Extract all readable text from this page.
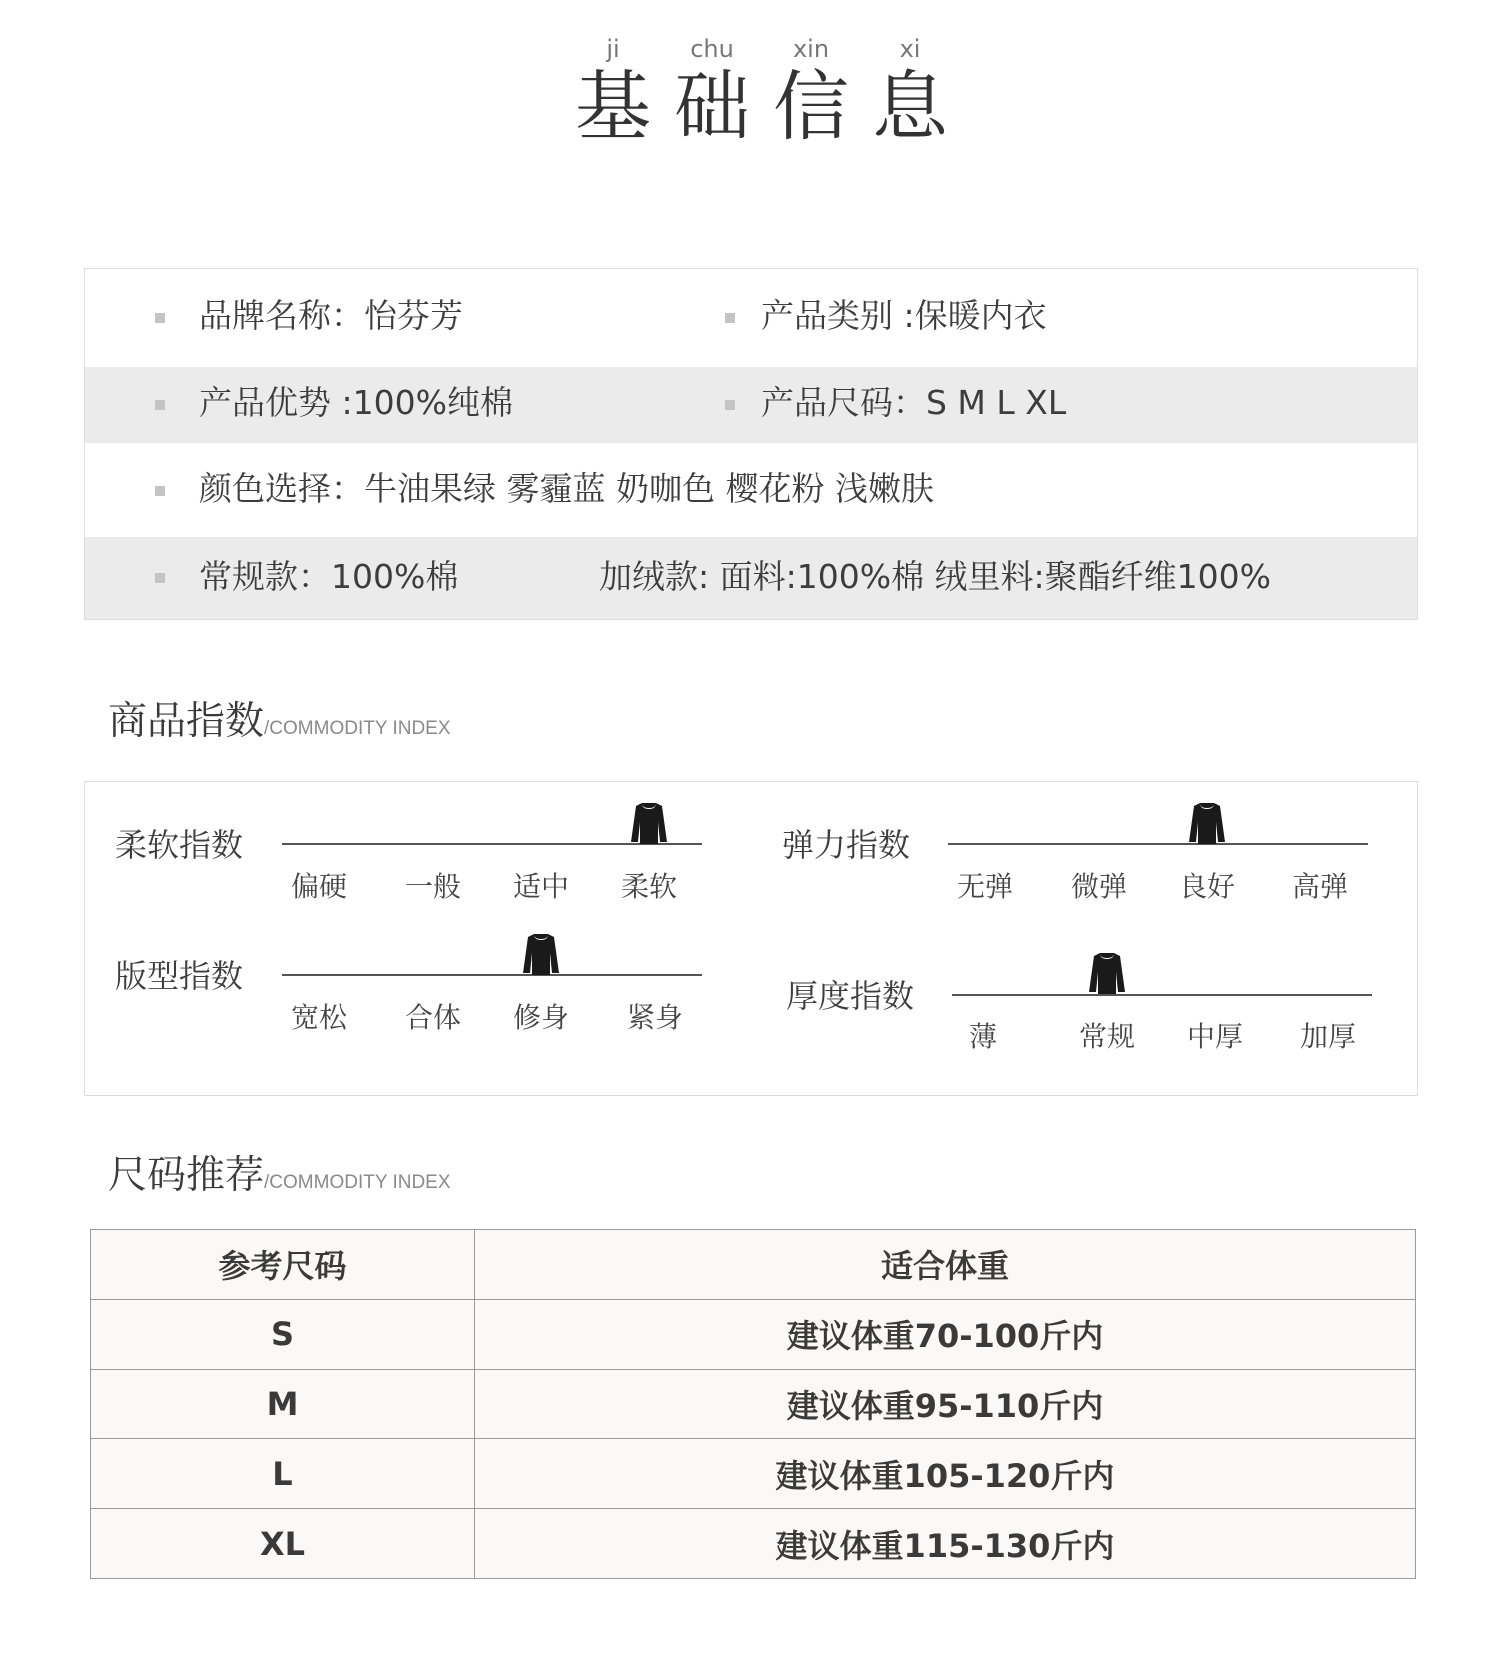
ji
基
chu
础
xin
信
xi
息
品牌名称：怡芬芳	产品类别 :保暖内衣
产品优势 :100%纯棉	产品尺码：S M L XL
颜色选择：牛油果绿 雾霾蓝 奶咖色 樱花粉 浅嫩肤
常规款：100%棉	加绒款: 面料:100%棉 绒里料:聚酯纤维100%
商品指数/COMMODITY INDEX
柔软指数
偏硬	一般	适中	柔软
弹力指数
无弹	微弹	良好	高弹
版型指数
宽松	合体	修身	紧身
厚度指数
薄	常规	中厚	加厚
尺码推荐/COMMODITY INDEX
参考尺码	适合体重
S	建议体重70-100斤内
M	建议体重95-110斤内
L	建议体重105-120斤内
XL	建议体重115-130斤内
